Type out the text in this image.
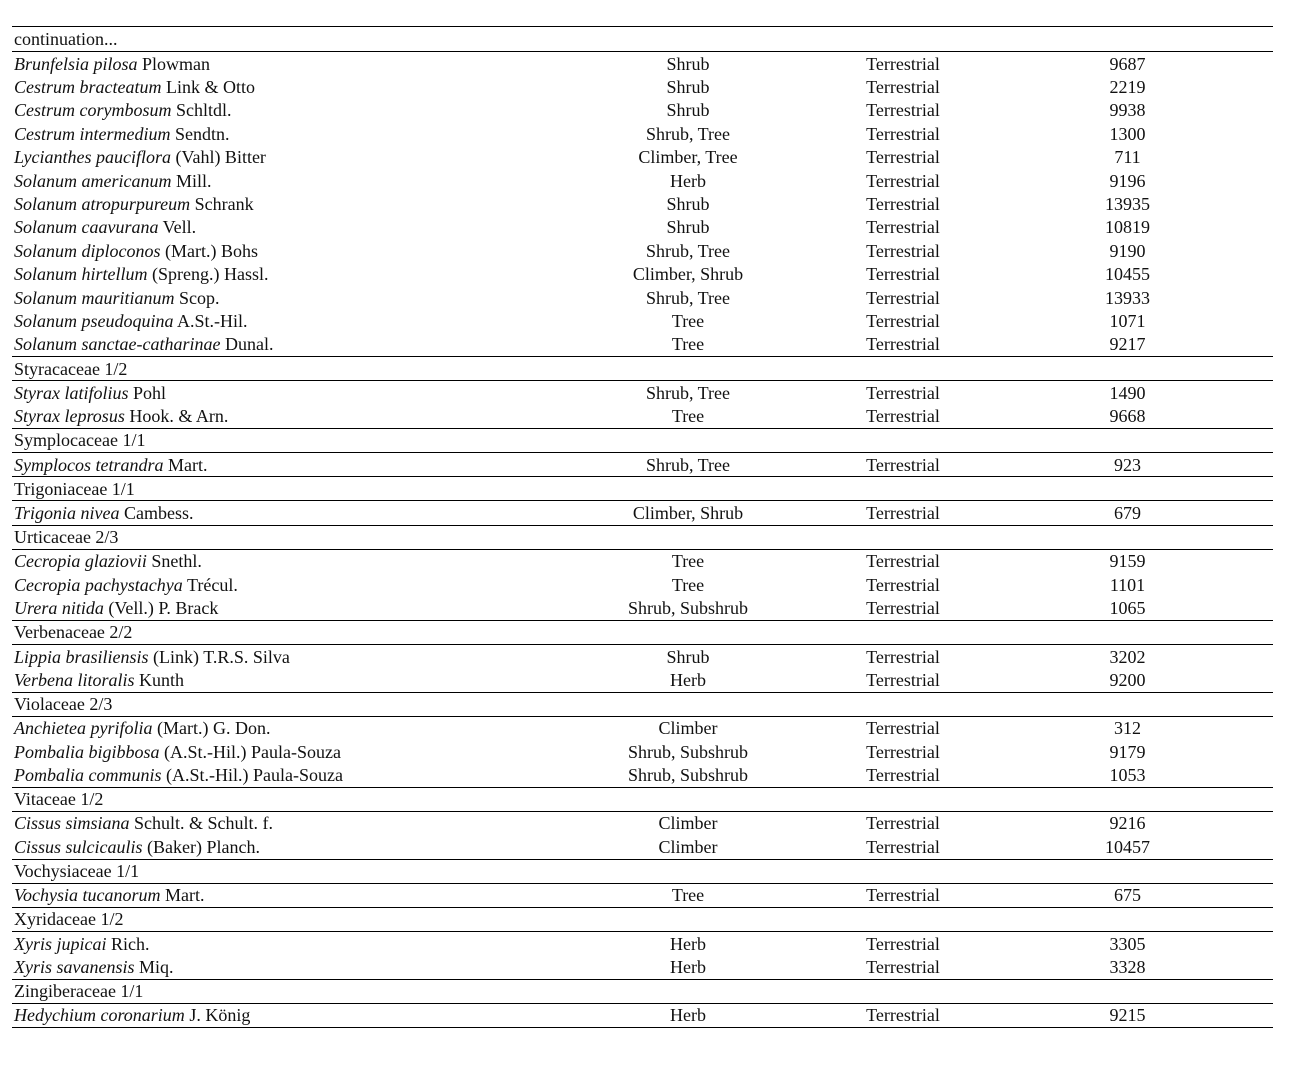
continuation...			
Brunfelsia pilosa Plowman	Shrub	Terrestrial	9687
Cestrum bracteatum Link & Otto	Shrub	Terrestrial	2219
Cestrum corymbosum Schltdl.	Shrub	Terrestrial	9938
Cestrum intermedium Sendtn.	Shrub, Tree	Terrestrial	1300
Lycianthes pauciflora (Vahl) Bitter	Climber, Tree	Terrestrial	711
Solanum americanum Mill.	Herb	Terrestrial	9196
Solanum atropurpureum Schrank	Shrub	Terrestrial	13935
Solanum caavurana Vell.	Shrub	Terrestrial	10819
Solanum diploconos (Mart.) Bohs	Shrub, Tree	Terrestrial	9190
Solanum hirtellum (Spreng.) Hassl.	Climber, Shrub	Terrestrial	10455
Solanum mauritianum Scop.	Shrub, Tree	Terrestrial	13933
Solanum pseudoquina A.St.-Hil.	Tree	Terrestrial	1071
Solanum sanctae-catharinae Dunal.	Tree	Terrestrial	9217
Styracaceae 1/2			
Styrax latifolius Pohl	Shrub, Tree	Terrestrial	1490
Styrax leprosus Hook. & Arn.	Tree	Terrestrial	9668
Symplocaceae 1/1			
Symplocos tetrandra Mart.	Shrub, Tree	Terrestrial	923
Trigoniaceae 1/1			
Trigonia nivea Cambess.	Climber, Shrub	Terrestrial	679
Urticaceae 2/3			
Cecropia glaziovii Snethl.	Tree	Terrestrial	9159
Cecropia pachystachya Trécul.	Tree	Terrestrial	1101
Urera nitida (Vell.) P. Brack	Shrub, Subshrub	Terrestrial	1065
Verbenaceae 2/2			
Lippia brasiliensis (Link) T.R.S. Silva	Shrub	Terrestrial	3202
Verbena litoralis Kunth	Herb	Terrestrial	9200
Violaceae 2/3			
Anchietea pyrifolia (Mart.) G. Don.	Climber	Terrestrial	312
Pombalia bigibbosa (A.St.-Hil.) Paula-Souza	Shrub, Subshrub	Terrestrial	9179
Pombalia communis (A.St.-Hil.) Paula-Souza	Shrub, Subshrub	Terrestrial	1053
Vitaceae 1/2			
Cissus simsiana Schult. & Schult. f.	Climber	Terrestrial	9216
Cissus sulcicaulis (Baker) Planch.	Climber	Terrestrial	10457
Vochysiaceae 1/1			
Vochysia tucanorum Mart.	Tree	Terrestrial	675
Xyridaceae 1/2			
Xyris jupicai Rich.	Herb	Terrestrial	3305
Xyris savanensis Miq.	Herb	Terrestrial	3328
Zingiberaceae 1/1			
Hedychium coronarium J. König	Herb	Terrestrial	9215
